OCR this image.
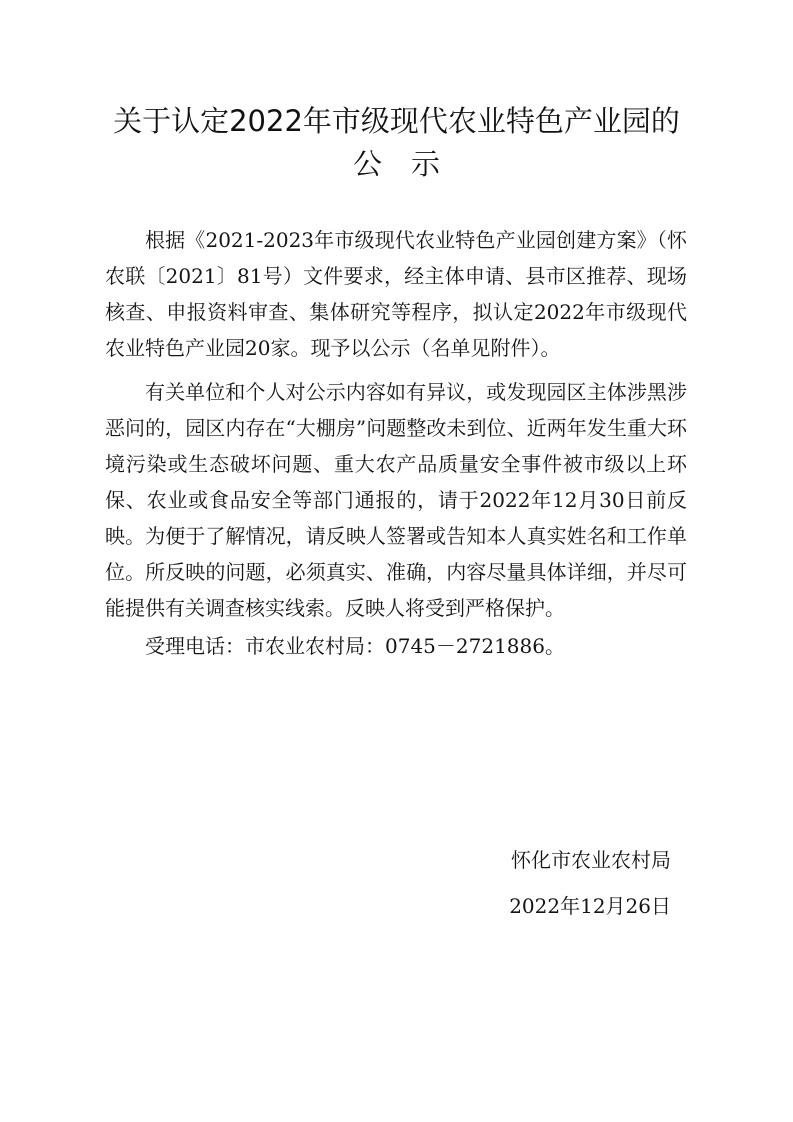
关于认定2022年市级现代农业特色产业园的
公　示

根据《2021-2023年市级现代农业特色产业园创建方案》（怀农联〔2021〕81号）文件要求，经主体申请、县市区推荐、现场核查、申报资料审查、集体研究等程序，拟认定2022年市级现代农业特色产业园20家。现予以公示（名单见附件）。

有关单位和个人对公示内容如有异议，或发现园区主体涉黑涉恶问的，园区内存在“大棚房”问题整改未到位、近两年发生重大环境污染或生态破坏问题、重大农产品质量安全事件被市级以上环保、农业或食品安全等部门通报的，请于2022年12月30日前反映。为便于了解情况，请反映人签署或告知本人真实姓名和工作单位。所反映的问题，必须真实、准确，内容尽量具体详细，并尽可能提供有关调查核实线索。反映人将受到严格保护。

受理电话：市农业农村局：0745－2721886。

怀化市农业农村局
2022年12月26日
